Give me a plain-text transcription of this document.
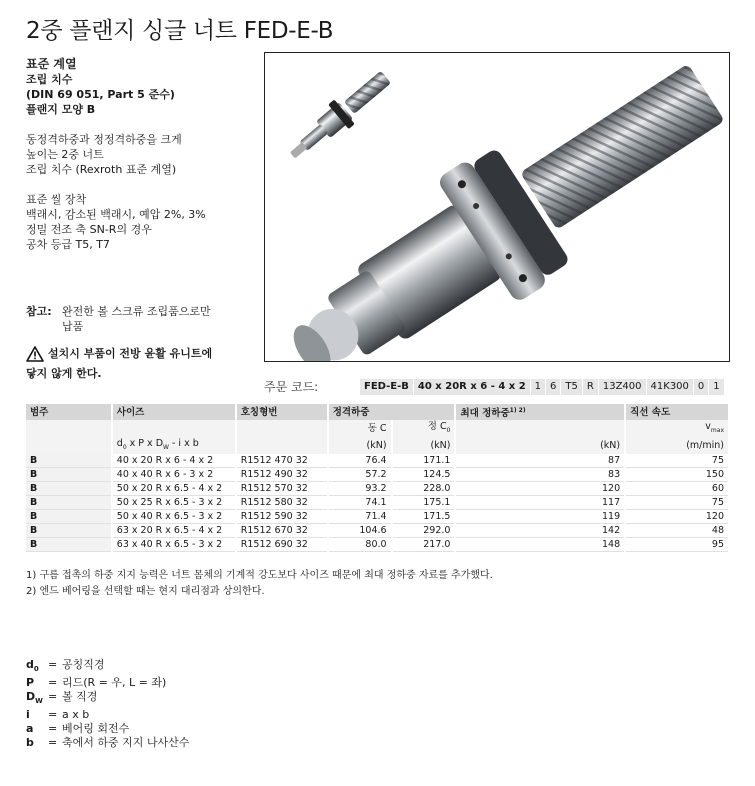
2중 플랜지 싱글 너트 FED-E-B
표준 계열
조립 치수
(DIN 69 051, Part 5 준수)
플랜지 모양 B
동정격하중과 정정격하중을 크게
높이는 2중 너트
조립 치수 (Rexroth 표준 계열)
표준 씰 장착
백래시, 감소된 백래시, 예압 2%, 3%
정밀 전조 축 SN-R의 경우
공차 등급 T5, T7
참고: 완전한 볼 스크류 조립품으로만
납품
설치시 부품이 전방 윤활 유니트에
닿지 않게 한다.
주문 코드:	FED-E-B 40 x 20R x 6 - 4 x 2 1 6 T5 R 13Z400 41K300 0 1
범주	사이즈	호칭형번	정격하중		최대 정하중$^{1) 2)}$	직선 속도
			동 C	정 $C_0$		$v_{max}$
	$d_0$ x P x $D_W$ - i x b		(kN)	(kN)	(kN)	(m/min)
B	40 x 20 R x 6 - 4 x 2	R1512 470 32	76.4	171.1	87	75
B	40 x 40 R x 6 - 3 x 2	R1512 490 32	57.2	124.5	83	150
B	50 x 20 R x 6.5 - 4 x 2	R1512 570 32	93.2	228.0	120	60
B	50 x 25 R x 6.5 - 3 x 2	R1512 580 32	74.1	175.1	117	75
B	50 x 40 R x 6.5 - 3 x 2	R1512 590 32	71.4	171.5	119	120
B	63 x 20 R x 6.5 - 4 x 2	R1512 670 32	104.6	292.0	142	48
B	63 x 40 R x 6.5 - 3 x 2	R1512 690 32	80.0	217.0	148	95
1) 구름 접촉의 하중 지지 능력은 너트 몸체의 기계적 강도보다 사이즈 때문에 최대 정하중 자료를 추가했다.
2) 엔드 베어링을 선택할 때는 현지 대리점과 상의한다.
$d_0$ = 공칭직경
P	= 리드(R = 우, L = 좌)
$D_W$ = 볼 직경
i	= a x b
a	= 베어링 회전수
b	= 축에서 하중 지지 나사산수
